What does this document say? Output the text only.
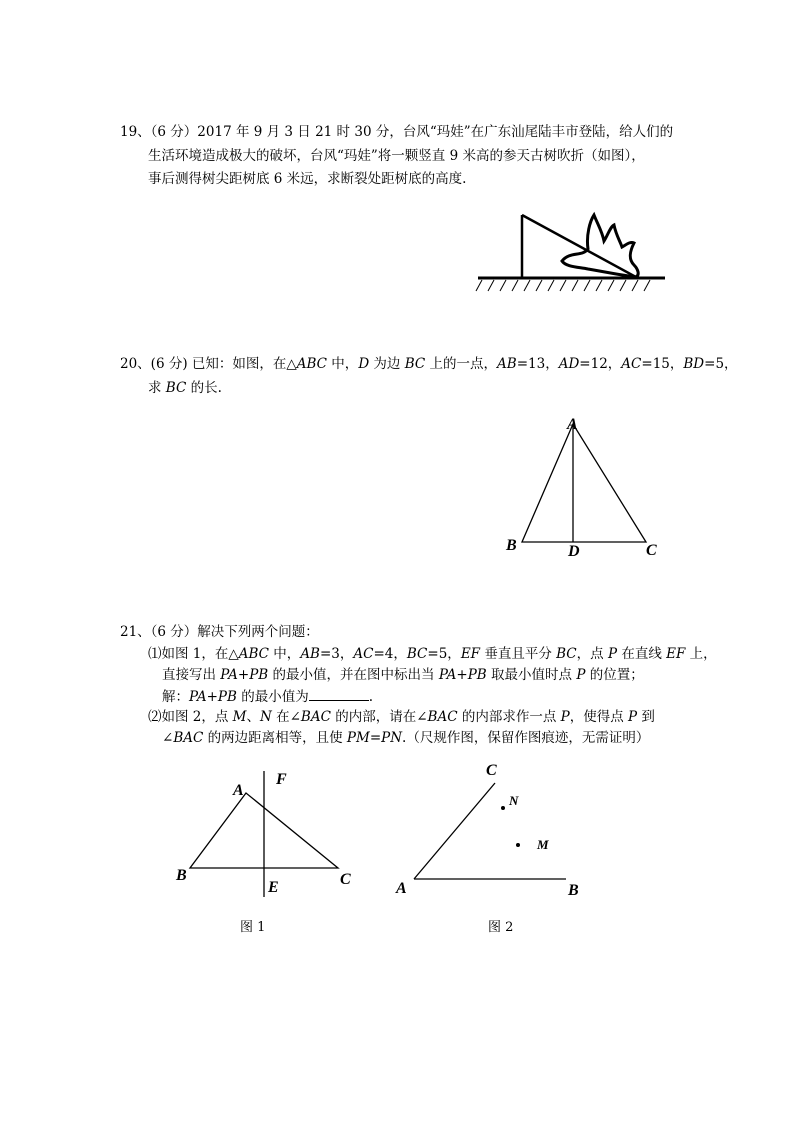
19、（6 分）2017 年 9 月 3 日 21 时 30 分，台风“玛娃”在广东汕尾陆丰市登陆，给人们的
生活环境造成极大的破坏，台风“玛娃”将一颗竖直 9 米高的参天古树吹折（如图），
事后测得树尖距树底 6 米远，求断裂处距树底的高度.
20、(6 分) 已知：如图，在△ABC 中，D 为边 BC 上的一点，AB=13，AD=12，AC=15，BD=5，
求 BC 的长.
A
B	D	C
21、（6 分）解决下列两个问题：
⑴如图 1，在△ABC 中，AB=3，AC=4，BC=5，EF 垂直且平分 BC，点 P 在直线 EF 上，
直接写出 PA+PB 的最小值，并在图中标出当 PA+PB 取最小值时点 P 的位置；
解：PA+PB 的最小值为	.
⑵如图 2，点 M、N 在∠BAC 的内部，请在∠BAC 的内部求作一点 P，使得点 P 到
∠BAC 的两边距离相等，且使 PM=PN.（尺规作图，保留作图痕迹，无需证明）
A
F
B	C
E
图 1
C
N
M
A	B
图 2
